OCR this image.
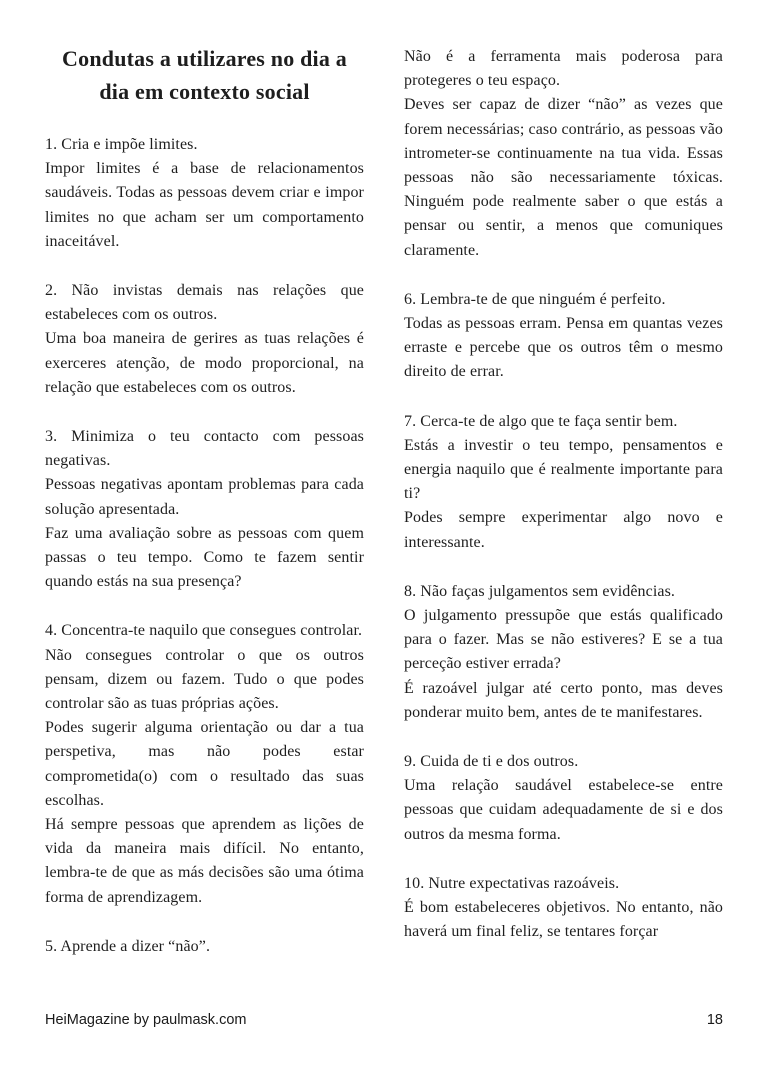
Condutas a utilizares no dia a dia em contexto social

1. Cria e impõe limites.

Impor limites é a base de relacionamentos saudáveis. Todas as pessoas devem criar e impor limites no que acham ser um comportamento inaceitável.

2. Não invistas demais nas relações que estabeleces com os outros.

Uma boa maneira de gerires as tuas relações é exerceres atenção, de modo proporcional, na relação que estabeleces com os outros.

3. Minimiza o teu contacto com pessoas negativas.

Pessoas negativas apontam problemas para cada solução apresentada.

Faz uma avaliação sobre as pessoas com quem passas o teu tempo. Como te fazem sentir quando estás na sua presença?

4. Concentra-te naquilo que consegues controlar.

Não consegues controlar o que os outros pensam, dizem ou fazem. Tudo o que podes controlar são as tuas próprias ações.

Podes sugerir alguma orientação ou dar a tua perspetiva, mas não podes estar comprometida(o) com o resultado das suas escolhas.

Há sempre pessoas que aprendem as lições de vida da maneira mais difícil. No entanto, lembra-te de que as más decisões são uma ótima forma de aprendizagem.

5. Aprende a dizer “não”.

Não é a ferramenta mais poderosa para protegeres o teu espaço.

Deves ser capaz de dizer “não” as vezes que forem necessárias; caso contrário, as pessoas vão intrometer-se continuamente na tua vida. Essas pessoas não são necessariamente tóxicas. Ninguém pode realmente saber o que estás a pensar ou sentir, a menos que comuniques claramente.

6. Lembra-te de que ninguém é perfeito.

Todas as pessoas erram. Pensa em quantas vezes erraste e percebe que os outros têm o mesmo direito de errar.

7. Cerca-te de algo que te faça sentir bem.

Estás a investir o teu tempo, pensamentos e energia naquilo que é realmente importante para ti?

Podes sempre experimentar algo novo e interessante.

8. Não faças julgamentos sem evidências.

O julgamento pressupõe que estás qualificado para o fazer. Mas se não estiveres? E se a tua perceção estiver errada?

É razoável julgar até certo ponto, mas deves ponderar muito bem, antes de te manifestares.

9. Cuida de ti e dos outros.

Uma relação saudável estabelece-se entre pessoas que cuidam adequadamente de si e dos outros da mesma forma.

10. Nutre expectativas razoáveis.

É bom estabeleceres objetivos. No entanto, não haverá um final feliz, se tentares forçar

HeiMagazine by paulmask.com	18
